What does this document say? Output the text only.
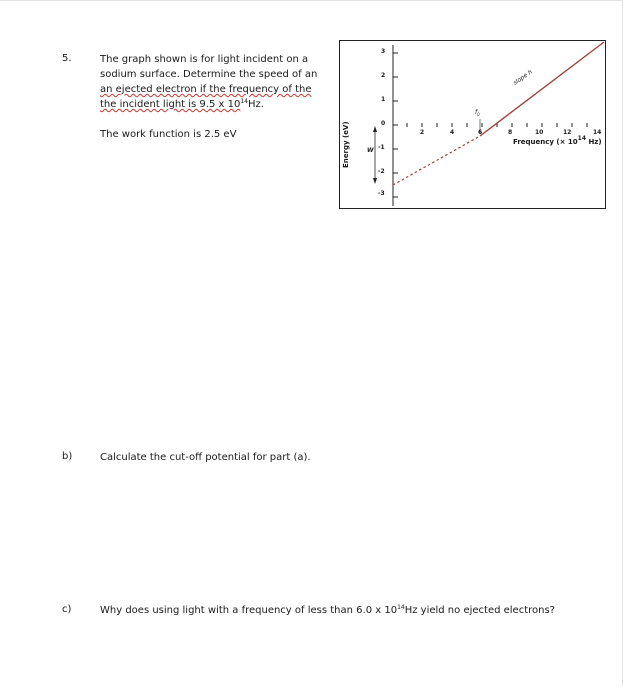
5.	The graph shown is for light incident on a
sodium surface. Determine the speed of an
an ejected electron if the frequency of the
the incident light is 9.5 x $10^{14}Hz$.
The work function is 2.5 eV	Energy (eV)
3
2
1
0
-1
-2
-3
2	4	6	8	10	12	14
Frequency (× $10^{14}$ Hz)
W
$f_0$
slope h
b)	Calculate the cut-off potential for part (a).
c)	Why does using light with a frequency of less than 6.0 x $10^{14}Hz$ yield no ejected electrons?
